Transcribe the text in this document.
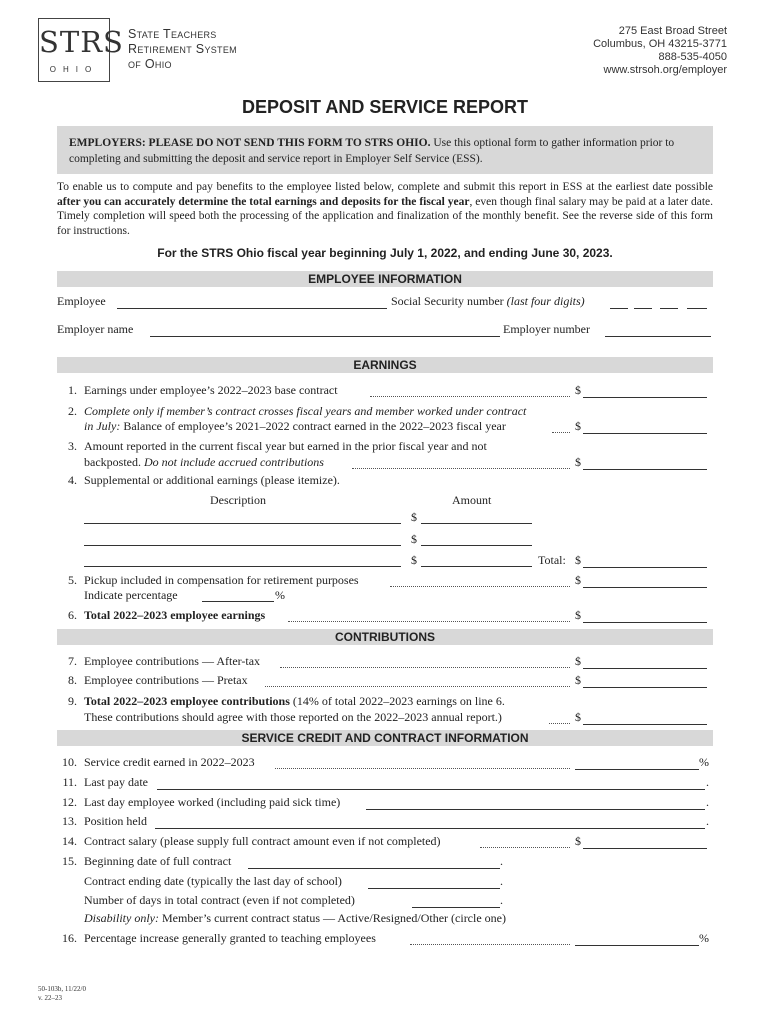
STRS
OHIO
State Teachers
Retirement System
of Ohio
275 East Broad Street
Columbus, OH 43215-3771
888-535-4050
www.strsoh.org/employer
DEPOSIT AND SERVICE REPORT
EMPLOYERS: PLEASE DO NOT SEND THIS FORM TO STRS OHIO. Use this optional form to gather information prior to completing and submitting the deposit and service report in Employer Self Service (ESS).
To enable us to compute and pay benefits to the employee listed below, complete and submit this report in ESS at the earliest date possible after you can accurately determine the total earnings and deposits for the fiscal year, even though final salary may be paid at a later date. Timely completion will speed both the processing of the application and finalization of the monthly benefit. See the reverse side of this form for instructions.
For the STRS Ohio fiscal year beginning July 1, 2022, and ending June 30, 2023.
EMPLOYEE INFORMATION
Employee	Social Security number (last four digits)
Employer name	Employer number
EARNINGS
1. Earnings under employee’s 2022–2023 base contract	$
2. Complete only if member’s contract crosses fiscal years and member worked under contract
in July: Balance of employee’s 2021–2022 contract earned in the 2022–2023 fiscal year	$
3. Amount reported in the current fiscal year but earned in the prior fiscal year and not
backposted. Do not include accrued contributions	$
4. Supplemental or additional earnings (please itemize).
Description	Amount
$
$
$	Total: $
5. Pickup included in compensation for retirement purposes	$
Indicate percentage	%
6. Total 2022–2023 employee earnings	$
CONTRIBUTIONS
7. Employee contributions — After-tax	$
8. Employee contributions — Pretax	$
9. Total 2022–2023 employee contributions (14% of total 2022–2023 earnings on line 6.
These contributions should agree with those reported on the 2022–2023 annual report.)	$
SERVICE CREDIT AND CONTRACT INFORMATION
10. Service credit earned in 2022–2023	%
11. Last pay date	.
12. Last day employee worked (including paid sick time)	.
13. Position held	.
14. Contract salary (please supply full contract amount even if not completed)	$
15. Beginning date of full contract	.
Contract ending date (typically the last day of school)	.
Number of days in total contract (even if not completed)	.
Disability only: Member’s current contract status — Active/Resigned/Other (circle one)
16. Percentage increase generally granted to teaching employees	%
50-103b, 11/22/0
v. 22–23
